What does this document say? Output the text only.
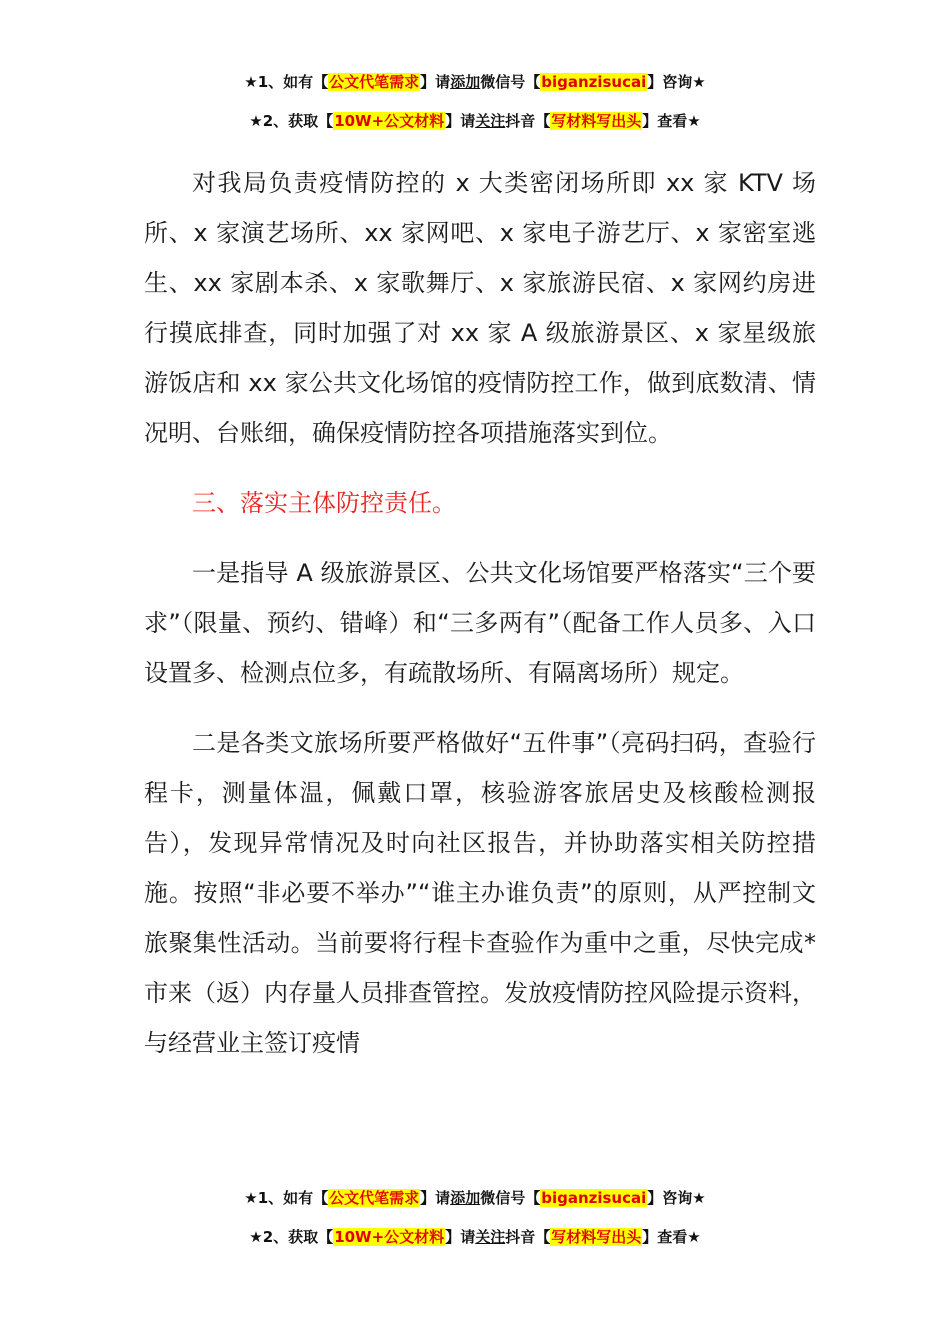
★1、如有【公文代笔需求】请添加微信号【biganzisucai】咨询★
★2、获取【10W+公文材料】请关注抖音【写材料写出头】查看★

对我局负责疫情防控的 x 大类密闭场所即 xx 家 KTV 场所、x 家演艺场所、xx 家网吧、x 家电子游艺厅、x 家密室逃生、xx 家剧本杀、x 家歌舞厅、x 家旅游民宿、x 家网约房进行摸底排查，同时加强了对 xx 家 A 级旅游景区、x 家星级旅游饭店和 xx 家公共文化场馆的疫情防控工作，做到底数清、情况明、台账细，确保疫情防控各项措施落实到位。

三、落实主体防控责任。

一是指导 A 级旅游景区、公共文化场馆要严格落实“三个要求”（限量、预约、错峰）和“三多两有”（配备工作人员多、入口设置多、检测点位多，有疏散场所、有隔离场所）规定。

二是各类文旅场所要严格做好“五件事”（亮码扫码，查验行程卡，测量体温，佩戴口罩，核验游客旅居史及核酸检测报告），发现异常情况及时向社区报告，并协助落实相关防控措施。按照“非必要不举办”“谁主办谁负责”的原则，从严控制文旅聚集性活动。当前要将行程卡查验作为重中之重，尽快完成*市来（返）内存量人员排查管控。发放疫情防控风险提示资料，与经营业主签订疫情

★1、如有【公文代笔需求】请添加微信号【biganzisucai】咨询★
★2、获取【10W+公文材料】请关注抖音【写材料写出头】查看★
